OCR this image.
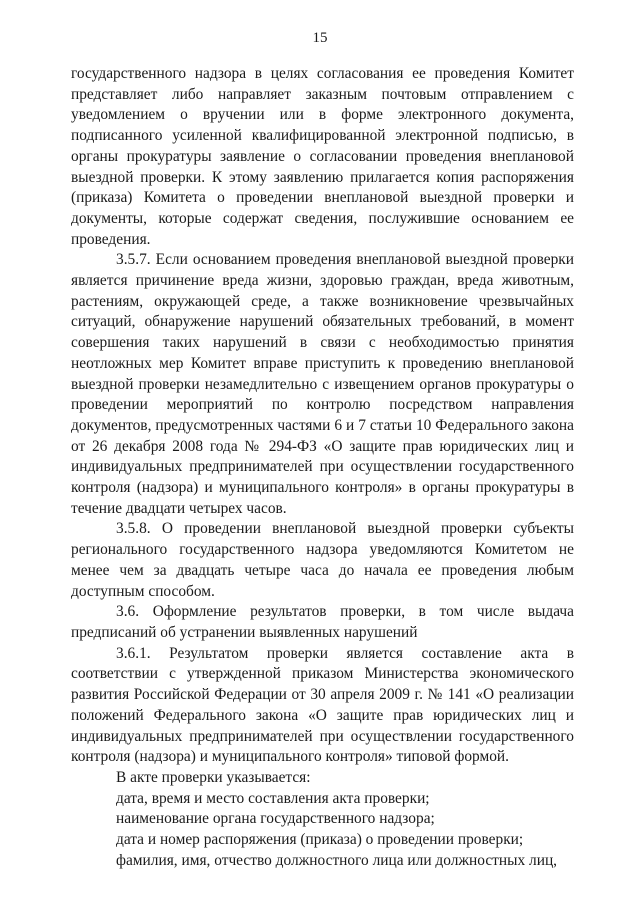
15

государственного надзора в целях согласования ее проведения Комитет представляет либо направляет заказным почтовым отправлением с уведомлением о вручении или в форме электронного документа, подписанного усиленной квалифицированной электронной подписью, в органы прокуратуры заявление о согласовании проведения внеплановой выездной проверки. К этому заявлению прилагается копия распоряжения (приказа) Комитета о проведении внеплановой выездной проверки и документы, которые содержат сведения, послужившие основанием ее проведения.

3.5.7. Если основанием проведения внеплановой выездной проверки является причинение вреда жизни, здоровью граждан, вреда животным, растениям, окружающей среде, а также возникновение чрезвычайных ситуаций, обнаружение нарушений обязательных требований, в момент совершения таких нарушений в связи с необходимостью принятия неотложных мер Комитет вправе приступить к проведению внеплановой выездной проверки незамедлительно с извещением органов прокуратуры о проведении мероприятий по контролю посредством направления документов, предусмотренных частями 6 и 7 статьи 10 Федерального закона от 26 декабря 2008 года № 294-ФЗ «О защите прав юридических лиц и индивидуальных предпринимателей при осуществлении государственного контроля (надзора) и муниципального контроля» в органы прокуратуры в течение двадцати четырех часов.

3.5.8. О проведении внеплановой выездной проверки субъекты регионального государственного надзора уведомляются Комитетом не менее чем за двадцать четыре часа до начала ее проведения любым доступным способом.

3.6. Оформление результатов проверки, в том числе выдача предписаний об устранении выявленных нарушений

3.6.1. Результатом проверки является составление акта в соответствии с утвержденной приказом Министерства экономического развития Российской Федерации от 30 апреля 2009 г. № 141 «О реализации положений Федерального закона «О защите прав юридических лиц и индивидуальных предпринимателей при осуществлении государственного контроля (надзора) и муниципального контроля» типовой формой.

В акте проверки указывается:

дата, время и место составления акта проверки;

наименование органа государственного надзора;

дата и номер распоряжения (приказа) о проведении проверки;

фамилия, имя, отчество должностного лица или должностных лиц,
